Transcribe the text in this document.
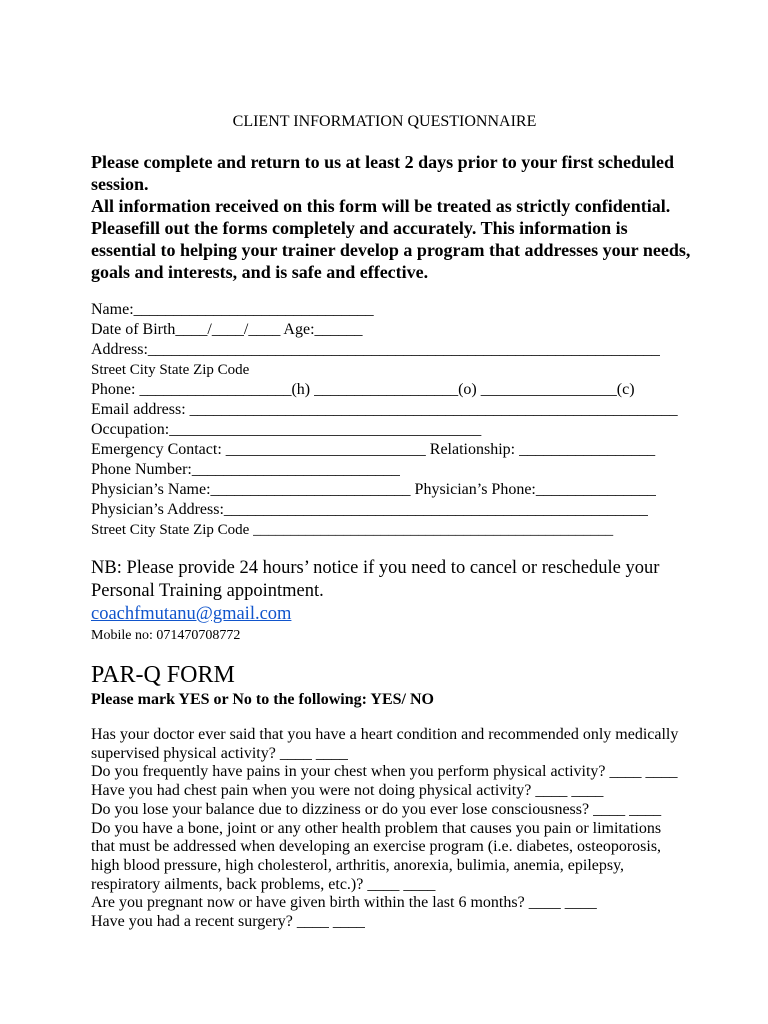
CLIENT INFORMATION QUESTIONNAIRE
Please complete and return to us at least 2 days prior to your first scheduled session.
All information received on this form will be treated as strictly confidential. Pleasefill out the forms completely and accurately. This information is essential to helping your trainer develop a program that addresses your needs, goals and interests, and is safe and effective.
Name:______________________________
Date of Birth____/____/____ Age:______
Address:________________________________________________________________
Street City State Zip Code
Phone: ___________________(h) __________________(o) _________________(c)
Email address: _____________________________________________________________
Occupation:_______________________________________
Emergency Contact: _________________________ Relationship: _________________
Phone Number:__________________________
Physician’s Name:_________________________ Physician’s Phone:_______________
Physician’s Address:_____________________________________________________
Street City State Zip Code ________________________________________________
NB: Please provide 24 hours’ notice if you need to cancel or reschedule your Personal Training appointment.
coachfmutanu@gmail.com
Mobile no: 071470708772
PAR-Q FORM
Please mark YES or No to the following: YES/ NO

Has your doctor ever said that you have a heart condition and recommended only medically supervised physical activity? ____ ____

Do you frequently have pains in your chest when you perform physical activity? ____ ____

Have you had chest pain when you were not doing physical activity? ____ ____

Do you lose your balance due to dizziness or do you ever lose consciousness? ____ ____

Do you have a bone, joint or any other health problem that causes you pain or limitations that must be addressed when developing an exercise program (i.e. diabetes, osteoporosis, high blood pressure, high cholesterol, arthritis, anorexia, bulimia, anemia, epilepsy, respiratory ailments, back problems, etc.)? ____ ____

Are you pregnant now or have given birth within the last 6 months? ____ ____

Have you had a recent surgery? ____ ____
